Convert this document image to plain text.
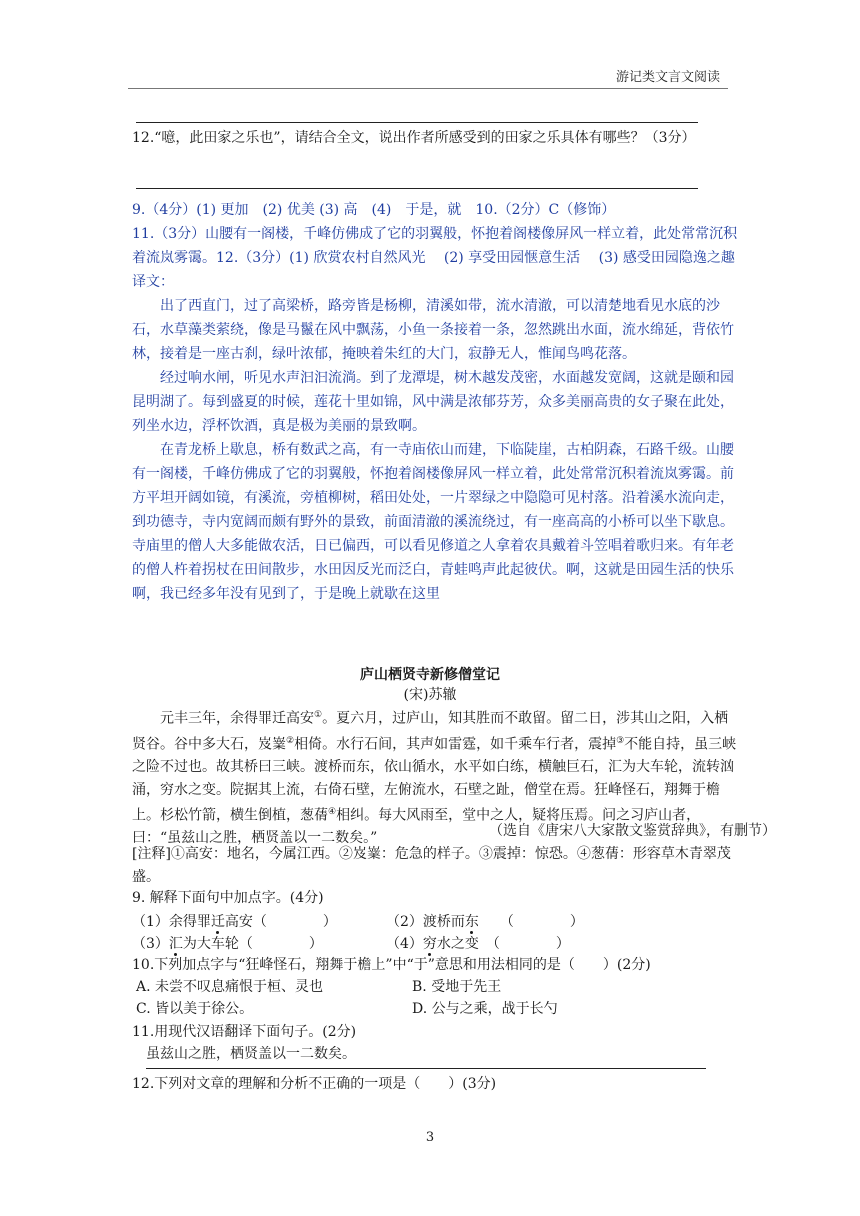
游记类文言文阅读
12.“噫，此田家之乐也”，请结合全文，说出作者所感受到的田家之乐具体有哪些？（3分）

9.（4分）(1) 更加　(2) 优美 (3) 高　(4)　于是，就　10.（2分）C（修饰）

11.（3分）山腰有一阁楼，千峰仿佛成了它的羽翼般，怀抱着阁楼像屏风一样立着，此处常常沉积着流岚雾霭。12.（3分）(1) 欣赏农村自然风光　 (2) 享受田园惬意生活　 (3) 感受田园隐逸之趣

译文：

出了西直门，过了高梁桥，路旁皆是杨柳，清溪如带，流水清澈，可以清楚地看见水底的沙石，水草藻类萦绕，像是马鬣在风中飘荡，小鱼一条接着一条，忽然跳出水面，流水绵延，背依竹林，接着是一座古刹，绿叶浓郁，掩映着朱红的大门，寂静无人，惟闻鸟鸣花落。

经过响水闸，听见水声汩汩流淌。到了龙潭堤，树木越发茂密，水面越发宽阔，这就是颐和园昆明湖了。每到盛夏的时候，莲花十里如锦，风中满是浓郁芬芳，众多美丽高贵的女子聚在此处，列坐水边，浮杯饮酒，真是极为美丽的景致啊。

在青龙桥上歇息，桥有数武之高，有一寺庙依山而建，下临陡崖，古柏阴森，石路千级。山腰有一阁楼，千峰仿佛成了它的羽翼般，怀抱着阁楼像屏风一样立着，此处常常沉积着流岚雾霭。前方平坦开阔如镜，有溪流，旁植柳树，稻田处处，一片翠绿之中隐隐可见村落。沿着溪水流向走，到功德寺，寺内宽阔而颇有野外的景致，前面清澈的溪流绕过，有一座高高的小桥可以坐下歇息。寺庙里的僧人大多能做农活，日已偏西，可以看见修道之人拿着农具戴着斗笠唱着歌归来。有年老的僧人杵着拐杖在田间散步，水田因反光而泛白，青蛙鸣声此起彼伏。啊，这就是田园生活的快乐啊，我已经多年没有见到了，于是晚上就歇在这里

庐山栖贤寺新修僧堂记
(宋)苏辙

元丰三年，余得罪迁高安①。夏六月，过庐山，知其胜而不敢留。留二日，涉其山之阳，入栖贤谷。谷中多大石，岌嶪②相倚。水行石间，其声如雷霆，如千乘车行者，震掉③不能自持，虽三峡之险不过也。故其桥曰三峡。渡桥而东，依山循水，水平如白练，横触巨石，汇为大车轮，流转汹涌，穷水之变。院据其上流，右倚石壁，左俯流水，石壁之趾，僧堂在焉。狂峰怪石，翔舞于檐上。杉松竹箭，横生倒植，葱蒨④相纠。每大风雨至，堂中之人，疑将压焉。问之习庐山者，曰：“虽兹山之胜，栖贤盖以一二数矣。”	（选自《唐宋八大家散文鉴赏辞典》，有删节）
[注释]①高安：地名，今属江西。②岌嶪：危急的样子。③震掉：惊恐。④葱蒨：形容草木青翠茂盛。
9. 解释下面句中加点字。(4分)
（1）余得罪迁高安（　　　　）	（2）渡桥而东　　（　　　　）
（3）汇为大车轮（　　　　）	（4）穷水之变　（　　　　）
10.下列加点字与“狂峰怪石，翔舞于檐上”中“于”意思和用法相同的是（　　）(2分)
A. 未尝不叹息痛恨于桓、灵也	B. 受地于先王
C. 皆以美于徐公。	D. 公与之乘，战于长勺
11.用现代汉语翻译下面句子。(2分)
虽兹山之胜，栖贤盖以一二数矣。
12.下列对文章的理解和分析不正确的一项是（　　）(3分)
3
